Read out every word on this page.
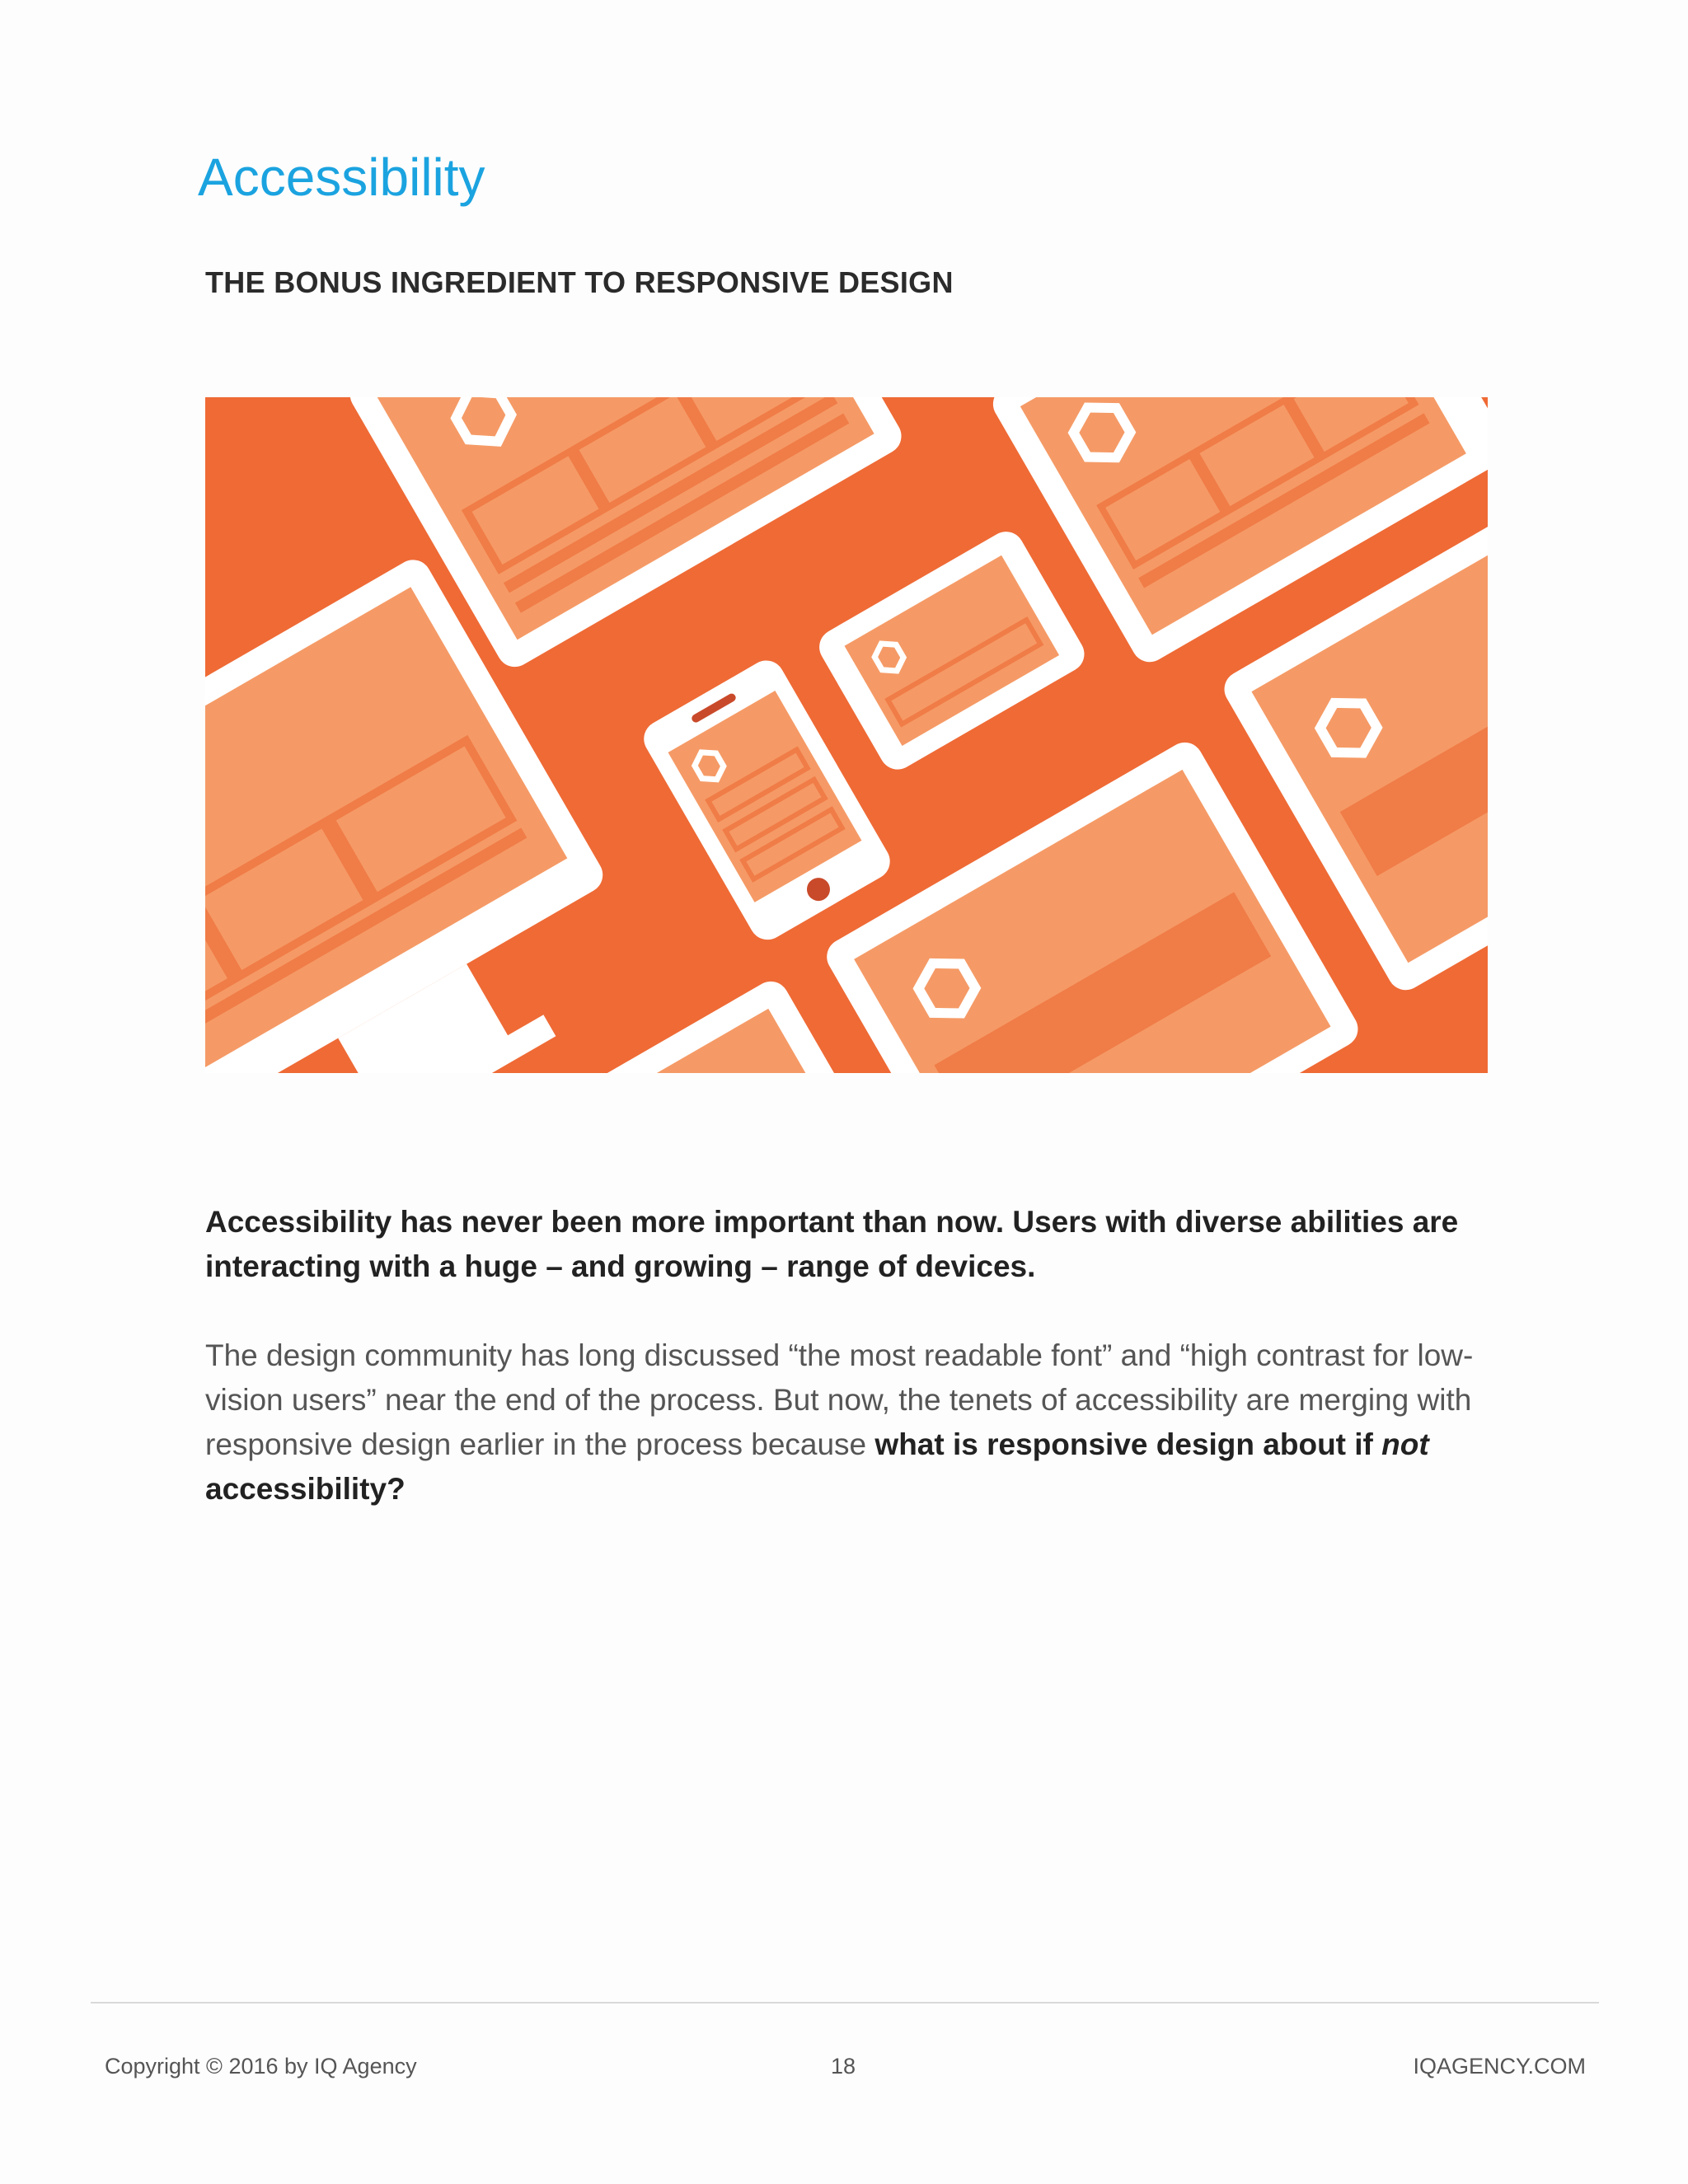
Accessibility
THE BONUS INGREDIENT TO RESPONSIVE DESIGN

Accessibility has never been more important than now. Users with diverse abilities are interacting with a huge – and growing – range of devices.

The design community has long discussed “the most readable font” and “high contrast for low-vision users” near the end of the process. But now, the tenets of accessibility are merging with responsive design earlier in the process because what is responsive design about if not accessibility?

Copyright © 2016 by IQ Agency	18	IQAGENCY.COM
